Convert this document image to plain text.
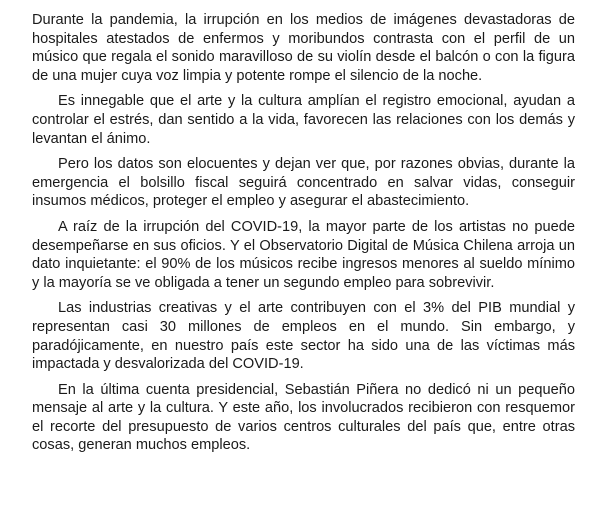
Durante la pandemia, la irrupción en los medios de imágenes devastadoras de hospitales atestados de enfermos y moribundos contrasta con el perfil de un músico que regala el sonido maravilloso de su violín desde el balcón o con la figura de una mujer cuya voz limpia y potente rompe el silencio de la noche.

Es innegable que el arte y la cultura amplían el registro emocional, ayudan a controlar el estrés, dan sentido a la vida, favorecen las relaciones con los demás y levantan el ánimo.

Pero los datos son elocuentes y dejan ver que, por razones obvias, durante la emergencia el bolsillo fiscal seguirá concentrado en salvar vidas, conseguir insumos médicos, proteger el empleo y asegurar el abastecimiento.

A raíz de la irrupción del COVID-19, la mayor parte de los artistas no puede desempeñarse en sus oficios. Y el Observatorio Digital de Música Chilena arroja un dato inquietante: el 90% de los músicos recibe ingresos menores al sueldo mínimo y la mayoría se ve obligada a tener un segundo empleo para sobrevivir.

Las industrias creativas y el arte contribuyen con el 3% del PIB mundial y representan casi 30 millones de empleos en el mundo. Sin embargo, y paradójicamente, en nuestro país este sector ha sido una de las víctimas más impactada y desvalorizada del COVID-19.

En la última cuenta presidencial, Sebastián Piñera no dedicó ni un pequeño mensaje al arte y la cultura. Y este año, los involucrados recibieron con resquemor el recorte del presupuesto de varios centros culturales del país que, entre otras cosas, generan muchos empleos.
